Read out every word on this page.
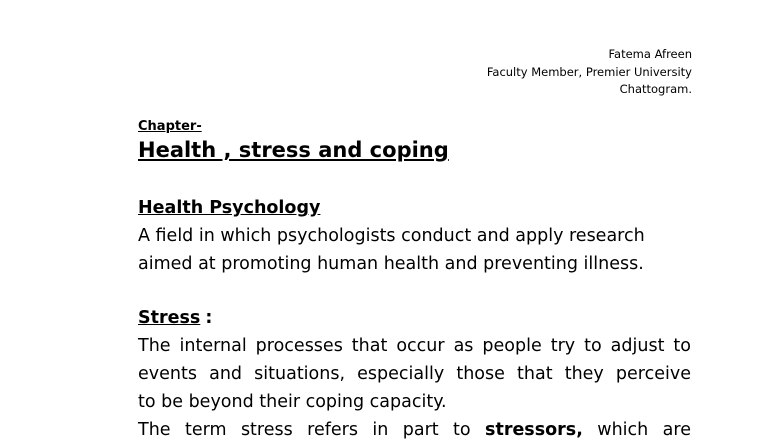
Fatema Afreen
Faculty Member, Premier University
Chattogram.
Chapter-
Health , stress and coping
Health Psychology
A field in which psychologists conduct and apply research
aimed at promoting human health and preventing illness.
Stress :
The internal processes that occur as people try to adjust to
events and situations, especially those that they perceive
to be beyond their coping capacity.
The term stress refers in part to stressors, which are
